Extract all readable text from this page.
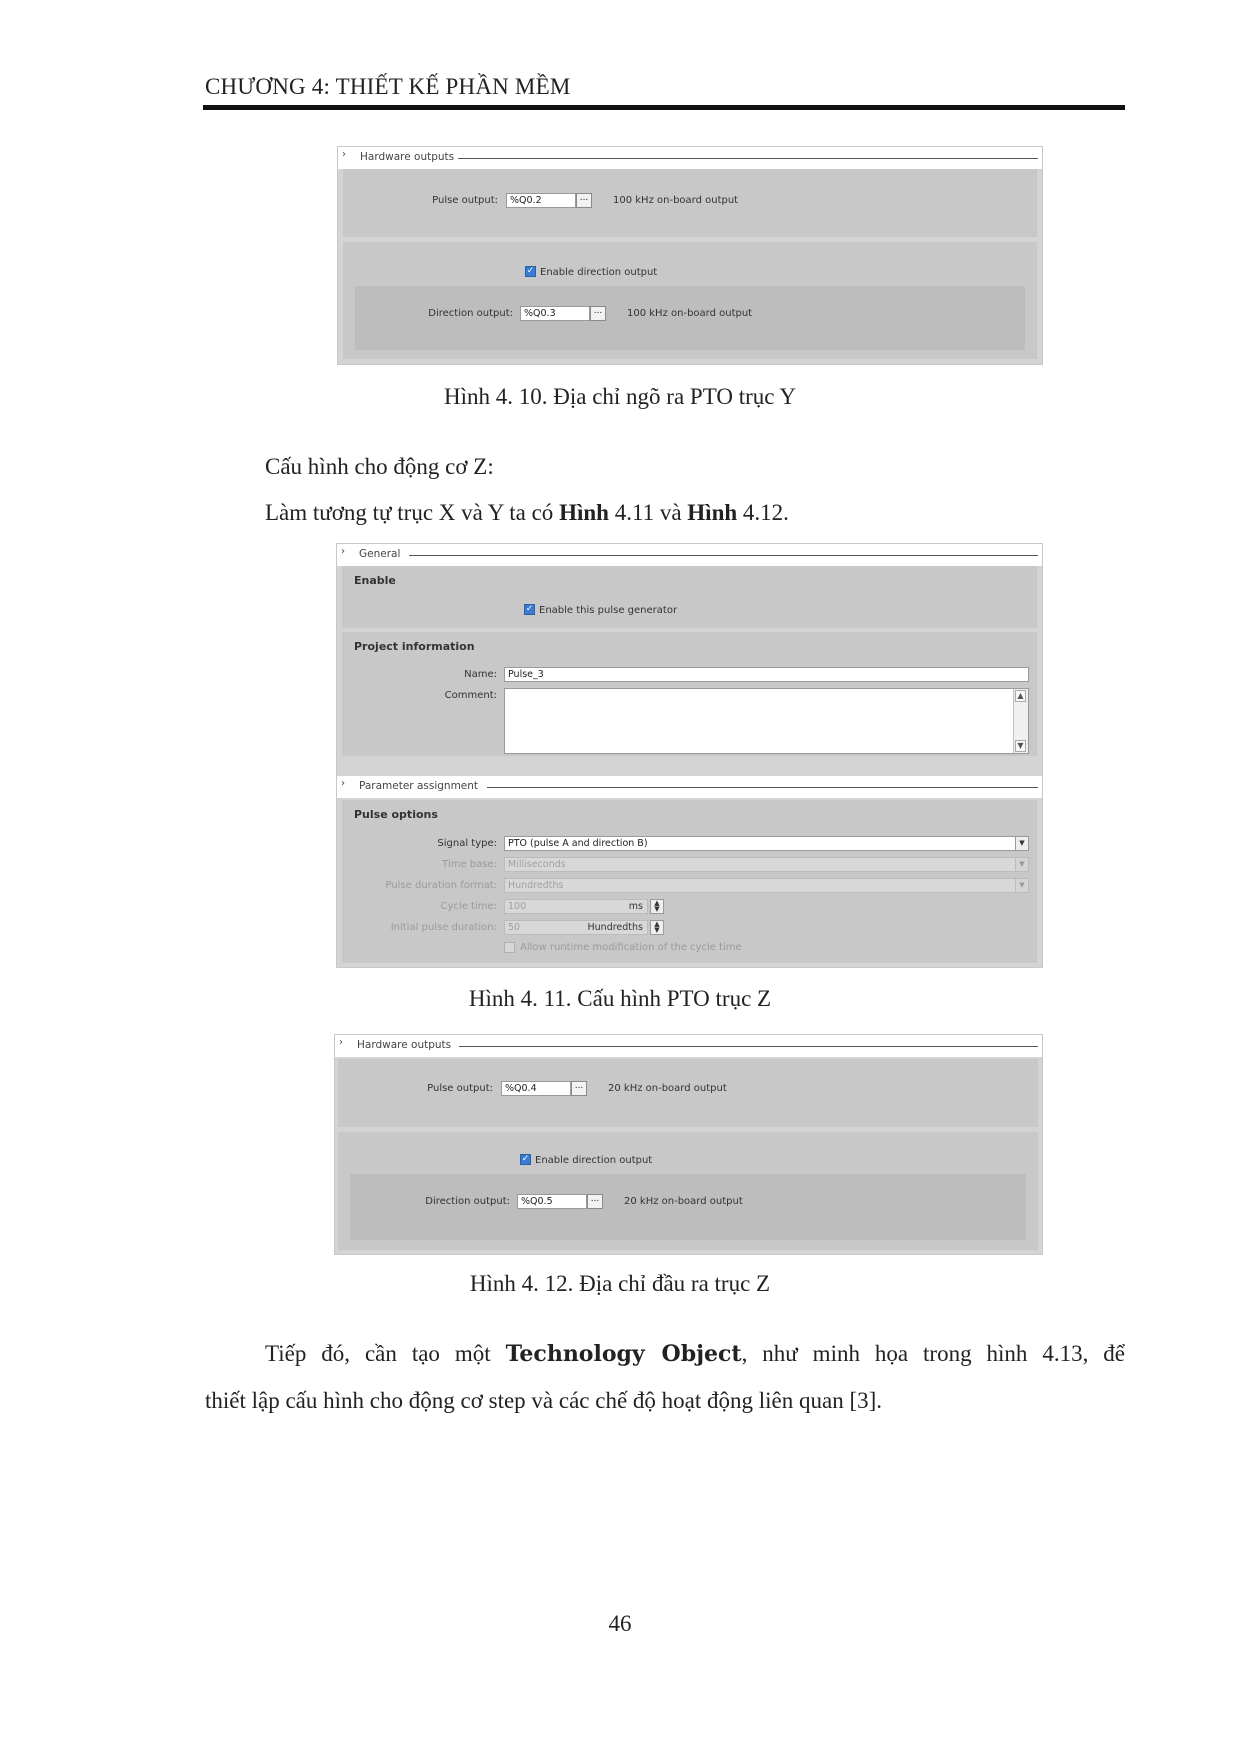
CHƯƠNG 4: THIẾT KẾ PHẦN MỀM
› Hardware outputs
Pulse output:	%Q0.2	...	100 kHz on-board output
✓ Enable direction output
Direction output:	%Q0.3	...	100 kHz on-board output
Hình 4. 10. Địa chỉ ngõ ra PTO trục Y
Cấu hình cho động cơ Z:
Làm tương tự trục X và Y ta có Hình 4.11 và Hình 4.12.
› General
Enable
✓ Enable this pulse generator
Project information
Name:	Pulse_3
Comment:	▲
▼
› Parameter assignment
Pulse options
Signal type:	PTO (pulse A and direction B)	▼
Time base:	Milliseconds	▼
Pulse duration format:	Hundredths	▼
Cycle time:	100	ms	▲
▼
Initial pulse duration:	50	Hundredths	▲
▼
Allow runtime modification of the cycle time
Hình 4. 11. Cấu hình PTO trục Z
› Hardware outputs
Pulse output:	%Q0.4	...	20 kHz on-board output
✓ Enable direction output
Direction output:	%Q0.5	...	20 kHz on-board output
Hình 4. 12. Địa chỉ đầu ra trục Z
Tiếp đó, cần tạo một Technology Object, như minh họa trong hình 4.13, để
thiết lập cấu hình cho động cơ step và các chế độ hoạt động liên quan [3].
46
